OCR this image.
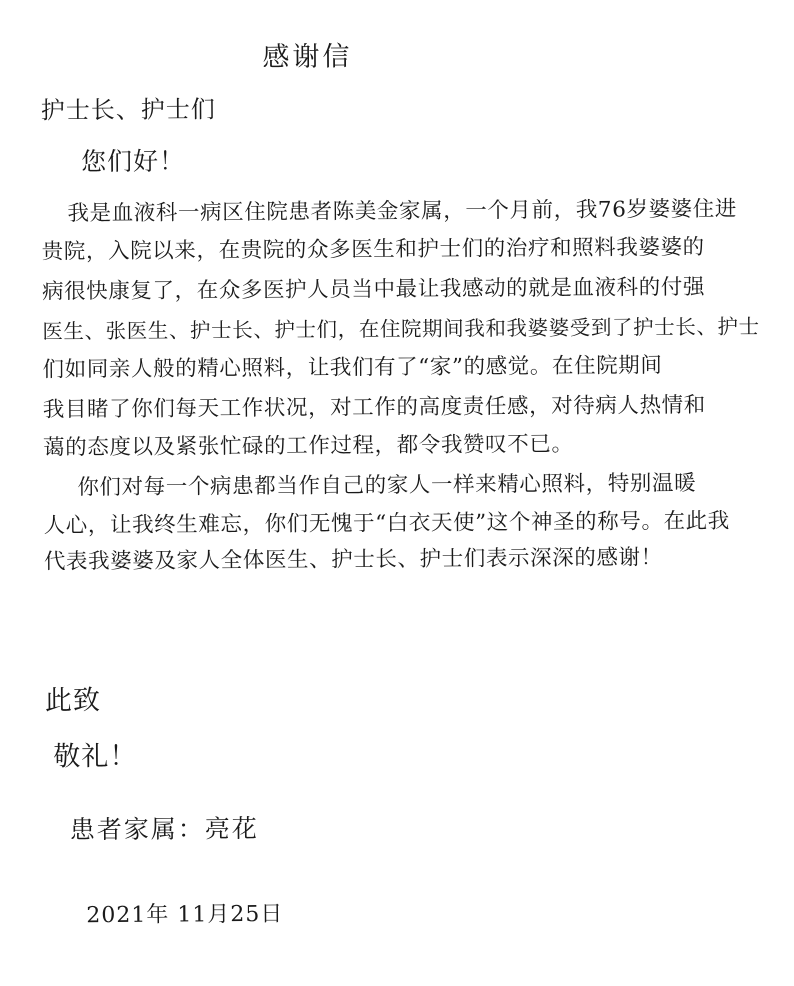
感谢信
护士长、护士们
您们好！
我是血液科一病区住院患者陈美金家属，一个月前，我76岁婆婆住进
贵院，入院以来，在贵院的众多医生和护士们的治疗和照料我婆婆的
病很快康复了，在众多医护人员当中最让我感动的就是血液科的付强
医生、张医生、护士长、护士们，在住院期间我和我婆婆受到了护士长、护士
们如同亲人般的精心照料，让我们有了“家”的感觉。在住院期间
我目睹了你们每天工作状况，对工作的高度责任感，对待病人热情和
蔼的态度以及紧张忙碌的工作过程，都令我赞叹不已。
你们对每一个病患都当作自己的家人一样来精心照料，特别温暖
人心，让我终生难忘，你们无愧于“白衣天使”这个神圣的称号。在此我
代表我婆婆及家人全体医生、护士长、护士们表示深深的感谢！
此致
敬礼！
患者家属：亮花
2021年 11月25日
